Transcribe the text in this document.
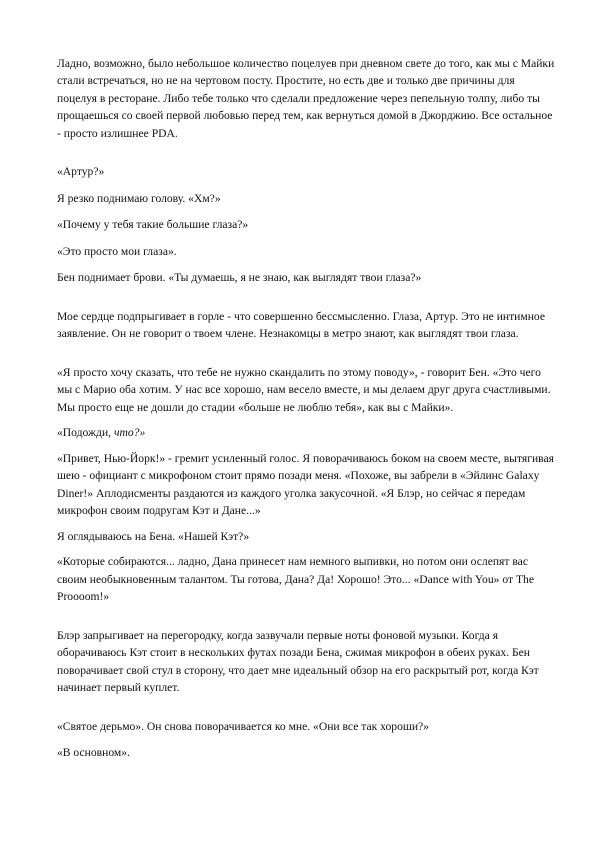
Ладно, возможно, было небольшое количество поцелуев при дневном свете до того, как мы с Майки стали встречаться, но не на чертовом посту. Простите, но есть две и только две причины для поцелуя в ресторане. Либо тебе только что сделали предложение через пепельную толпу, либо ты прощаешься со своей первой любовью перед тем, как вернуться домой в Джорджию. Все остальное - просто излишнее PDA.

«Артур?»

Я резко поднимаю голову. «Хм?»

«Почему у тебя такие большие глаза?»

«Это просто мои глаза».

Бен поднимает брови. «Ты думаешь, я не знаю, как выглядят твои глаза?»

Мое сердце подпрыгивает в горле - что совершенно бессмысленно. Глаза, Артур. Это не интимное заявление. Он не говорит о твоем члене. Незнакомцы в метро знают, как выглядят твои глаза.

«Я просто хочу сказать, что тебе не нужно скандалить по этому поводу», - говорит Бен. «Это чего мы с Марио оба хотим. У нас все хорошо, нам весело вместе, и мы делаем друг друга счастливыми. Мы просто еще не дошли до стадии «больше не люблю тебя», как вы с Майки».

«Подожди, что?»

«Привет, Нью-Йорк!» - гремит усиленный голос. Я поворачиваюсь боком на своем месте, вытягивая шею - официант с микрофоном стоит прямо позади меня. «Похоже, вы забрели в «Эйлинс Galaxy Diner!» Аплодисменты раздаются из каждого уголка закусочной. «Я Блэр, но сейчас я передам микрофон своим подругам Кэт и Дане...»

Я оглядываюсь на Бена. «Нашей Кэт?»

«Которые собираются... ладно, Дана принесет нам немного выпивки, но потом они ослепят вас своим необыкновенным талантом. Ты готова, Дана? Да! Хорошо! Это... «Dance with You» от The Proooom!»

Блэр запрыгивает на перегородку, когда зазвучали первые ноты фоновой музыки. Когда я оборачиваюсь Кэт стоит в нескольких футах позади Бена, сжимая микрофон в обеих руках. Бен поворачивает свой стул в сторону, что дает мне идеальный обзор на его раскрытый рот, когда Кэт начинает первый куплет.

«Святое дерьмо». Он снова поворачивается ко мне. «Они все так хороши?»

«В основном».
